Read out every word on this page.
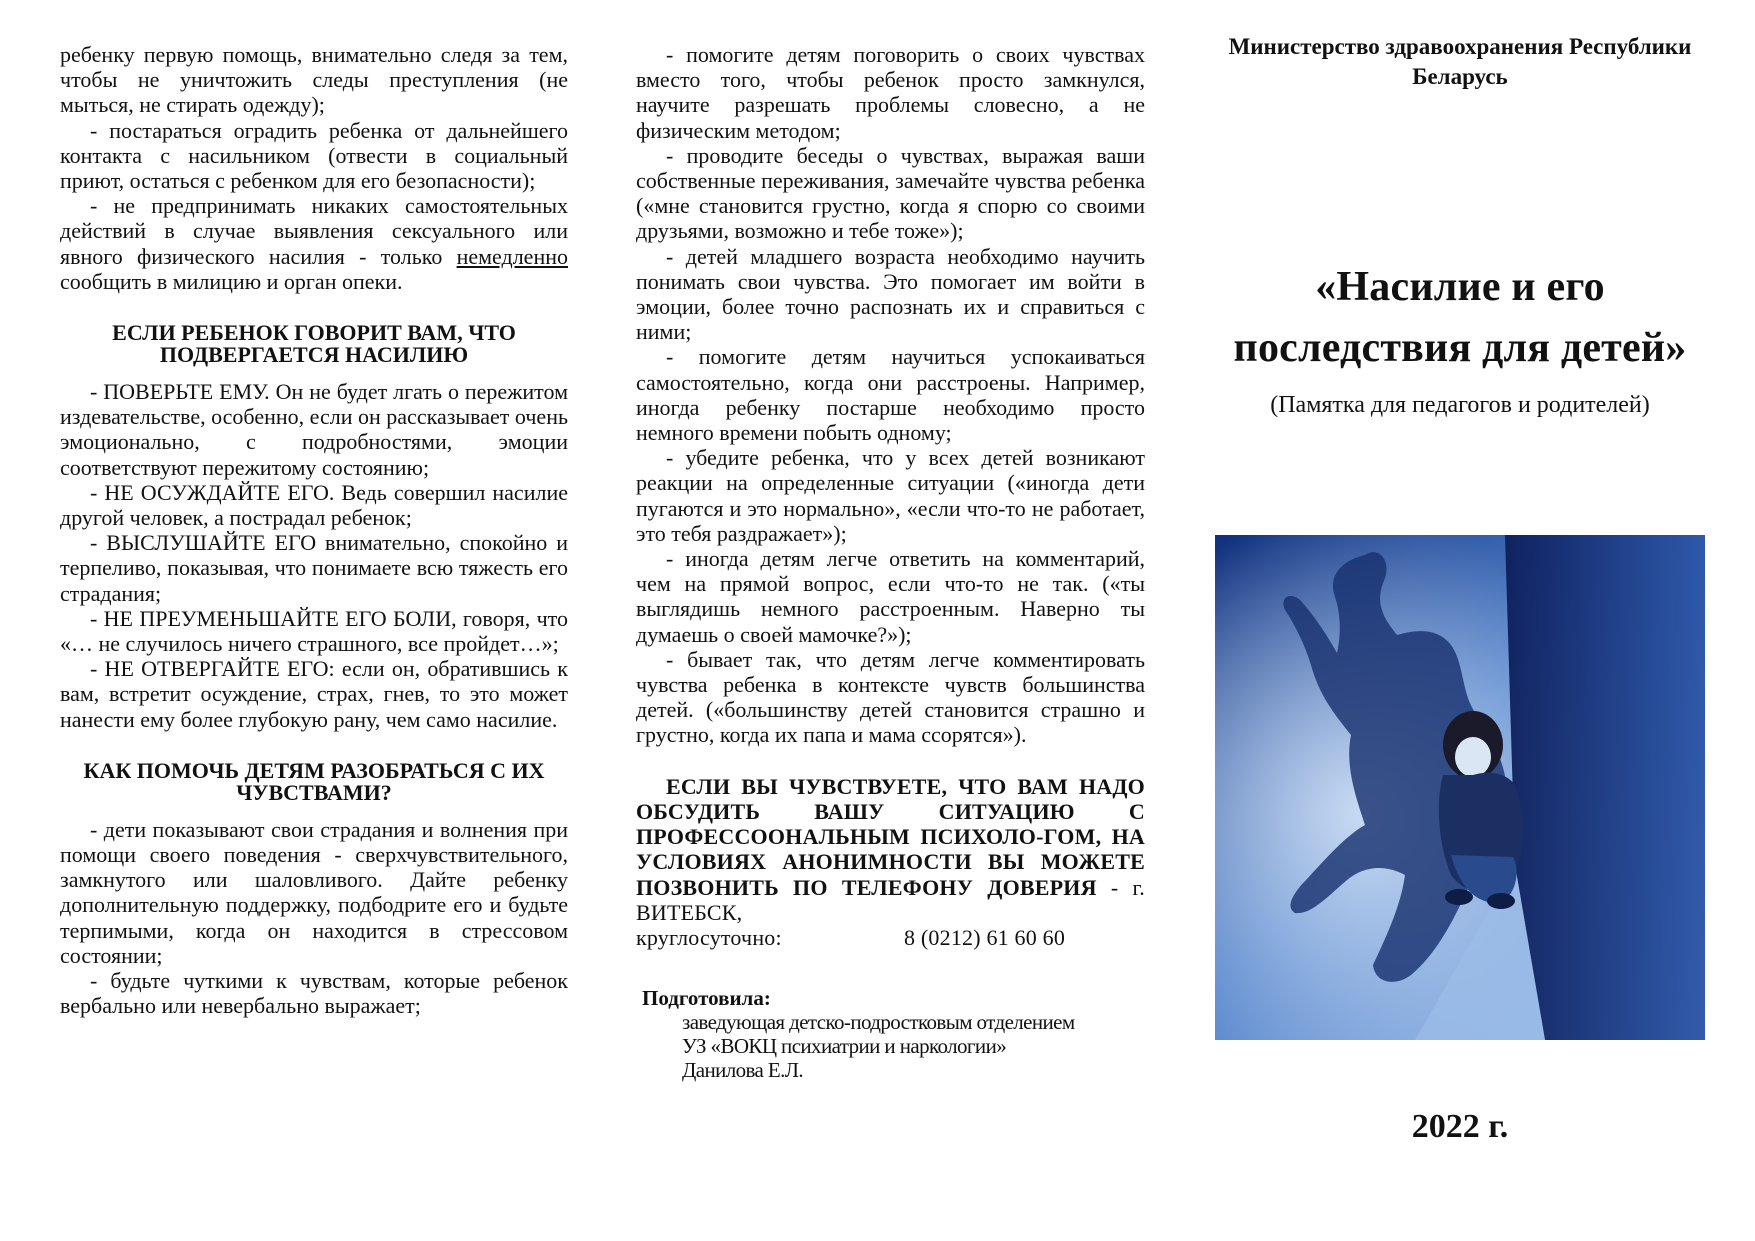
ребенку первую помощь, внимательно следя за тем, чтобы не уничтожить следы преступления (не мыться, не стирать одежду);

- постараться оградить ребенка от дальнейшего контакта с насильником (отвести в социальный приют, остаться с ребенком для его безопасности);

- не предпринимать никаких самостоятельных действий в случае выявления сексуального или явного физического насилия - только немедленно сообщить в милицию и орган опеки.

ЕСЛИ РЕБЕНОК ГОВОРИТ ВАМ, ЧТО ПОДВЕРГАЕТСЯ НАСИЛИЮ

- ПОВЕРЬТЕ ЕМУ. Он не будет лгать о пережитом издевательстве, особенно, если он рассказывает очень эмоционально, с подробностями, эмоции соответствуют пережитому состоянию;

- НЕ ОСУЖДАЙТЕ ЕГО. Ведь совершил насилие другой человек, а пострадал ребенок;

- ВЫСЛУШАЙТЕ ЕГО внимательно, спокойно и терпеливо, показывая, что понимаете всю тяжесть его страдания;

- НЕ ПРЕУМЕНЬШАЙТЕ ЕГО БОЛИ, говоря, что «… не случилось ничего страшного, все пройдет…»;

- НЕ ОТВЕРГАЙТЕ ЕГО: если он, обратившись к вам, встретит осуждение, страх, гнев, то это может нанести ему более глубокую рану, чем само насилие.

КАК ПОМОЧЬ ДЕТЯМ РАЗОБРАТЬСЯ С ИХ ЧУВСТВАМИ?

- дети показывают свои страдания и волнения при помощи своего поведения - сверхчувствительного, замкнутого или шаловливого. Дайте ребенку дополнительную поддержку, подбодрите его и будьте терпимыми, когда он находится в стрессовом состоянии;

- будьте чуткими к чувствам, которые ребенок вербально или невербально выражает;

- помогите детям поговорить о своих чувствах вместо того, чтобы ребенок просто замкнулся, научите разрешать проблемы словесно, а не физическим методом;

- проводите беседы о чувствах, выражая ваши собственные переживания, замечайте чувства ребенка («мне становится грустно, когда я спорю со своими друзьями, возможно и тебе тоже»);

- детей младшего возраста необходимо научить понимать свои чувства. Это помогает им войти в эмоции, более точно распознать их и справиться с ними;

- помогите детям научиться успокаиваться самостоятельно, когда они расстроены. Например, иногда ребенку постарше необходимо просто немного времени побыть одному;

- убедите ребенка, что у всех детей возникают реакции на определенные ситуации («иногда дети пугаются и это нормально», «если что-то не работает, это тебя раздражает»);

- иногда детям легче ответить на комментарий, чем на прямой вопрос, если что-то не так. («ты выглядишь немного расстроенным. Наверно ты думаешь о своей мамочке?»);

- бывает так, что детям легче комментировать чувства ребенка в контексте чувств большинства детей. («большинству детей становится страшно и грустно, когда их папа и мама ссорятся»).

ЕСЛИ ВЫ ЧУВСТВУЕТЕ, ЧТО ВАМ НАДО ОБСУДИТЬ ВАШУ СИТУАЦИЮ С ПРОФЕССООНАЛЬНЫМ ПСИХОЛО-ГОМ, НА УСЛОВИЯХ АНОНИМНОСТИ ВЫ МОЖЕТЕ ПОЗВОНИТЬ ПО ТЕЛЕФОНУ ДОВЕРИЯ - г. ВИТЕБСК,
круглосуточно:	8 (0212) 61 60 60
Подготовила:
заведующая детско-подростковым отделением
УЗ «ВОКЦ психиатрии и наркологии»
Данилова Е.Л.
Министерство здравоохранения Республики Беларусь
«Насилие и его
последствия для детей»
(Памятка для педагогов и родителей)
2022 г.
